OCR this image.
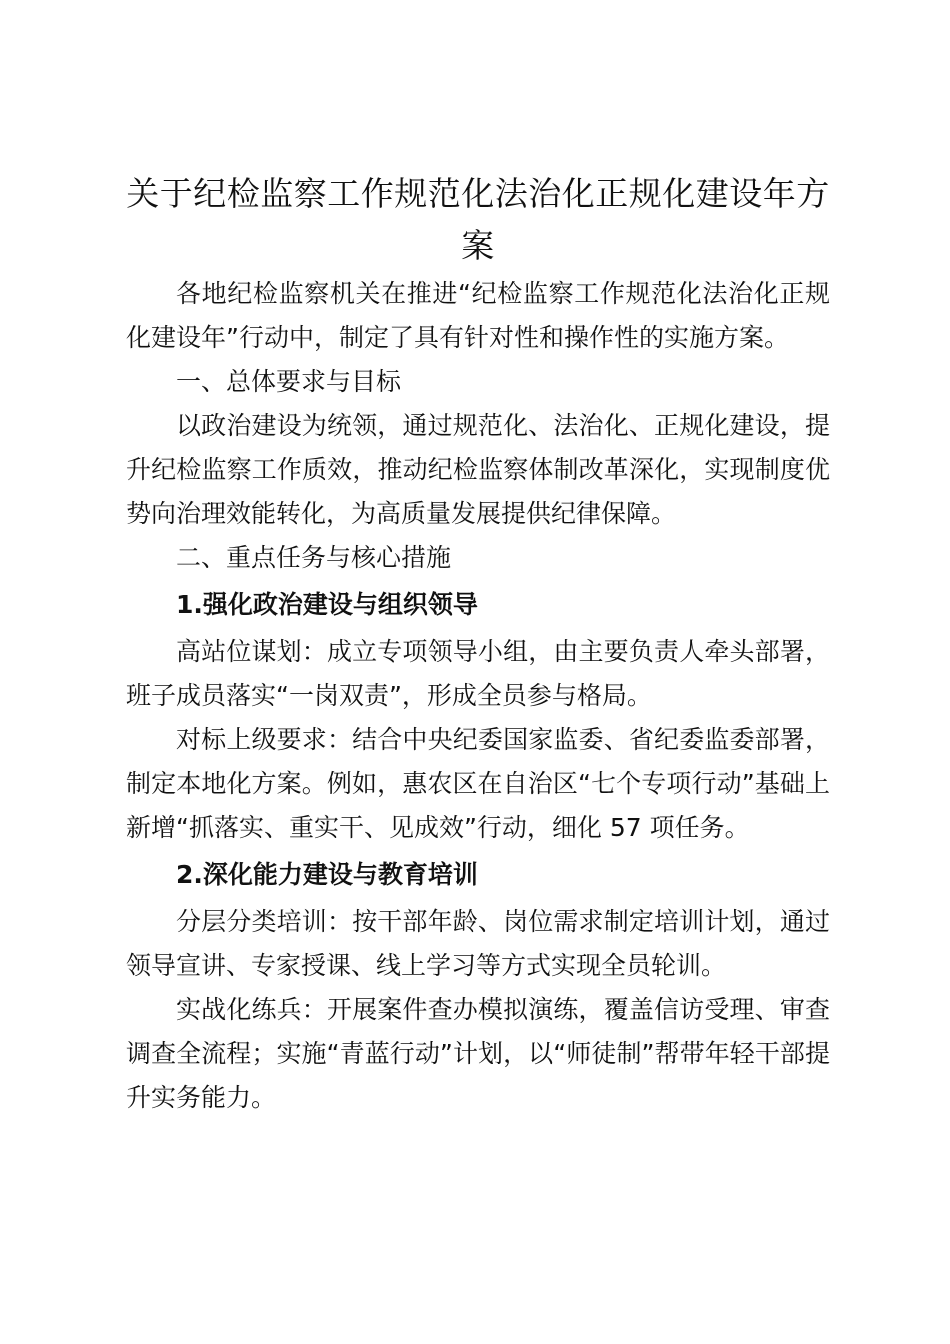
关于纪检监察工作规范化法治化正规化建设年方案

各地纪检监察机关在推进“纪检监察工作规范化法治化正规化建设年”行动中，制定了具有针对性和操作性的实施方案。

一、总体要求与目标

以政治建设为统领，通过规范化、法治化、正规化建设，提升纪检监察工作质效，推动纪检监察体制改革深化，实现制度优势向治理效能转化，为高质量发展提供纪律保障。

二、重点任务与核心措施

1.强化政治建设与组织领导

高站位谋划：成立专项领导小组，由主要负责人牵头部署，班子成员落实“一岗双责”，形成全员参与格局。

对标上级要求：结合中央纪委国家监委、省纪委监委部署，制定本地化方案。例如，惠农区在自治区“七个专项行动”基础上新增“抓落实、重实干、见成效”行动，细化 57 项任务。

2.深化能力建设与教育培训

分层分类培训：按干部年龄、岗位需求制定培训计划，通过领导宣讲、专家授课、线上学习等方式实现全员轮训。

实战化练兵：开展案件查办模拟演练，覆盖信访受理、审查调查全流程；实施“青蓝行动”计划，以“师徒制”帮带年轻干部提升实务能力。
